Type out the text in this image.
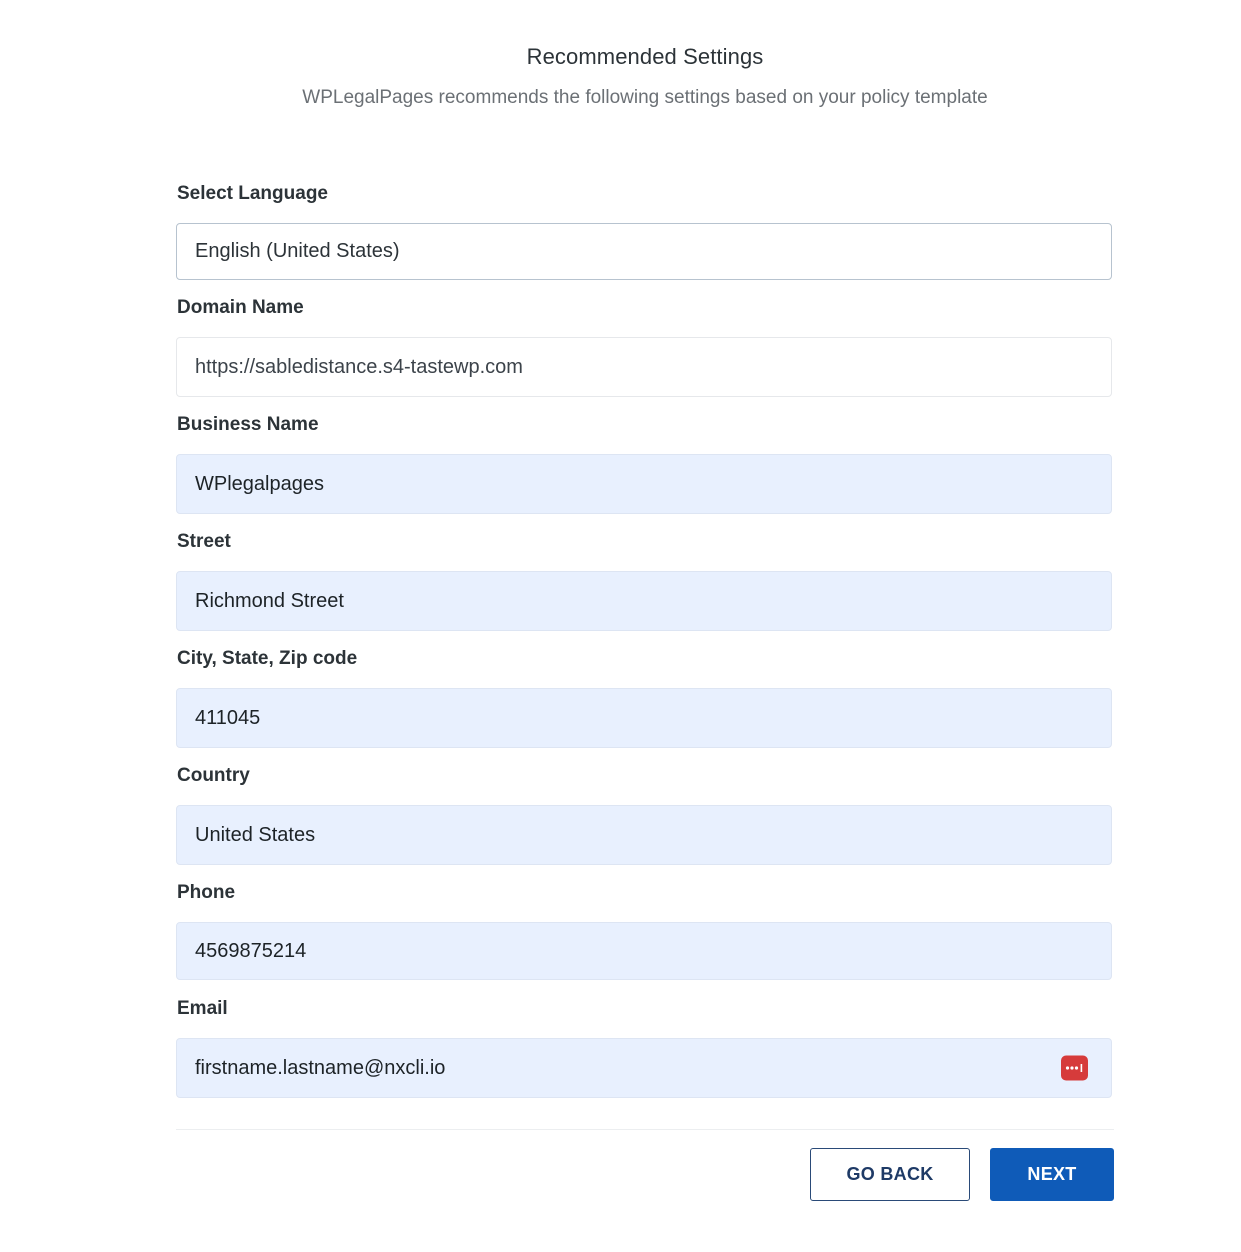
Recommended Settings
WPLegalPages recommends the following settings based on your policy template
Select Language
English (United States)
Domain Name
https://sabledistance.s4-tastewp.com
Business Name
WPlegalpages
Street
Richmond Street
City, State, Zip code
411045
Country
United States
Phone
4569875214
Email
firstname.lastname@nxcli.io
GO BACK	NEXT
